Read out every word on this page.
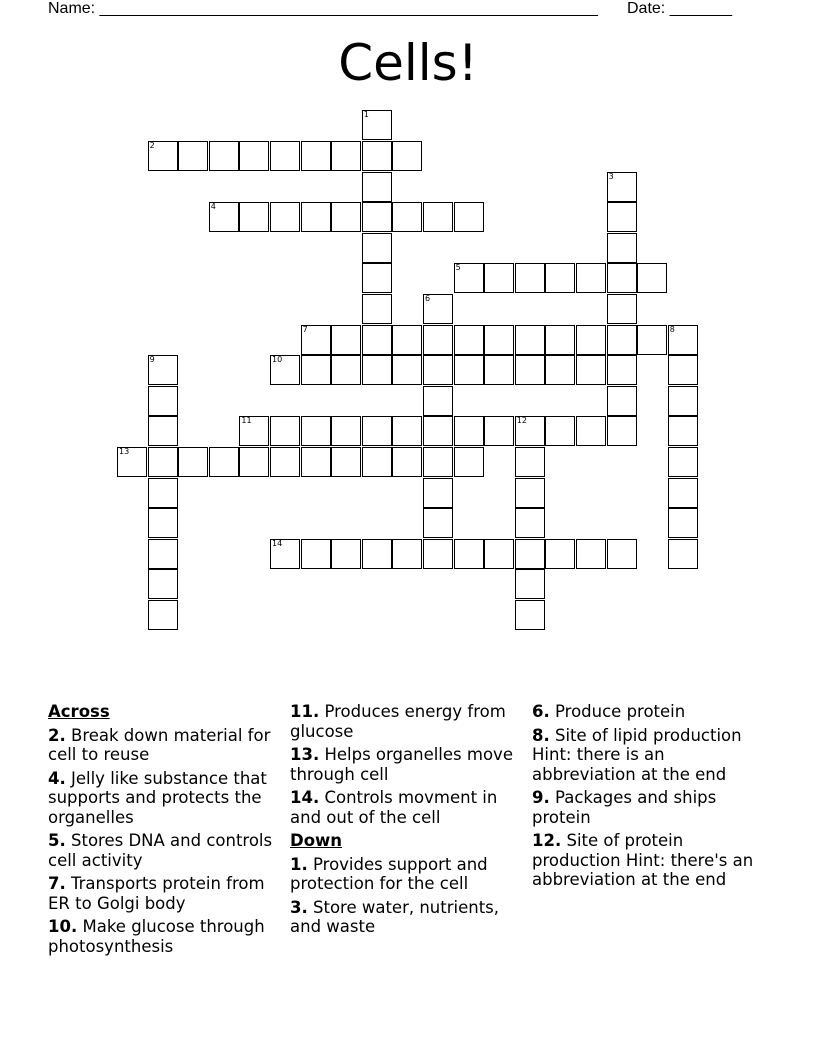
Name: ________________________________________________________ Date: _______
Cells!
2
4
5
7	8
10
11	12
13
14
1
3
6
9
Across
2. Break down material for cell to reuse
4. Jelly like substance that supports and protects the organelles
5. Stores DNA and controls cell activity
7. Transports protein from ER to Golgi body
10. Make glucose through photosynthesis
11. Produces energy from glucose
13. Helps organelles move through cell
14. Controls movment in and out of the cell
Down
1. Provides support and protection for the cell
3. Store water, nutrients, and waste
6. Produce protein
8. Site of lipid production Hint: there is an abbreviation at the end
9. Packages and ships protein
12. Site of protein production Hint: there's an abbreviation at the end
